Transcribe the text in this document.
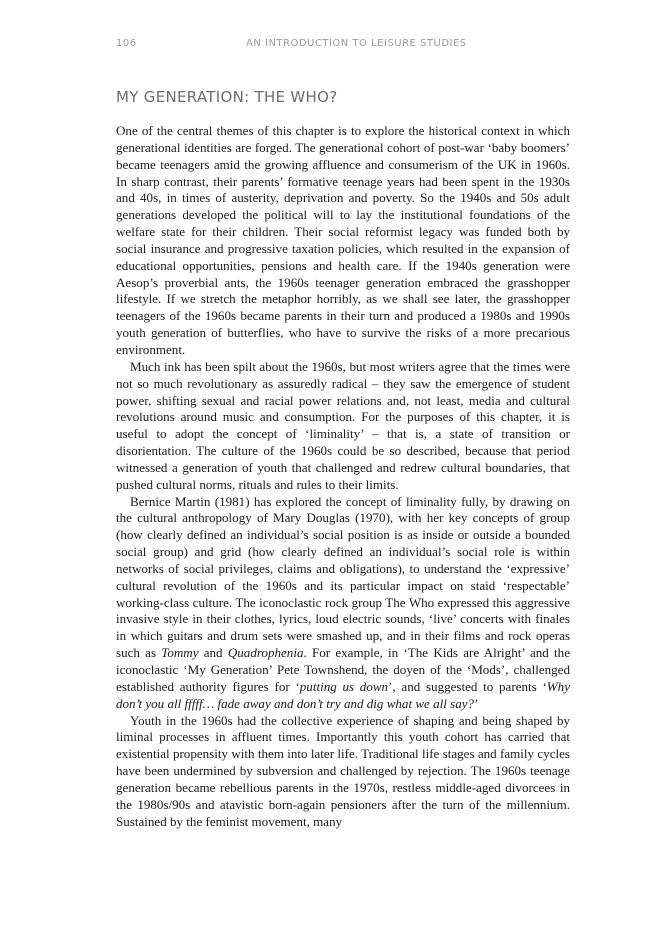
106	AN INTRODUCTION TO LEISURE STUDIES
MY GENERATION: THE WHO?

One of the central themes of this chapter is to explore the historical context in which generational identities are forged. The generational cohort of post-war ‘baby boomers’ became teenagers amid the growing affluence and consumerism of the UK in 1960s. In sharp contrast, their parents’ formative teenage years had been spent in the 1930s and 40s, in times of austerity, deprivation and poverty. So the 1940s and 50s adult generations developed the political will to lay the institutional foundations of the welfare state for their children. Their social reformist legacy was funded both by social insurance and progressive taxation policies, which resulted in the expansion of educational opportunities, pensions and health care. If the 1940s generation were Aesop’s proverbial ants, the 1960s teenager generation embraced the grasshopper lifestyle. If we stretch the metaphor horribly, as we shall see later, the grasshopper teenagers of the 1960s became parents in their turn and produced a 1980s and 1990s youth generation of butterflies, who have to survive the risks of a more precarious environment.

Much ink has been spilt about the 1960s, but most writers agree that the times were not so much revolutionary as assuredly radical – they saw the emergence of student power, shifting sexual and racial power relations and, not least, media and cultural revolutions around music and consumption. For the purposes of this chapter, it is useful to adopt the concept of ‘liminality’ – that is, a state of transition or disorientation. The culture of the 1960s could be so described, because that period witnessed a generation of youth that challenged and redrew cultural boundaries, that pushed cultural norms, rituals and rules to their limits.

Bernice Martin (1981) has explored the concept of liminality fully, by drawing on the cultural anthropology of Mary Douglas (1970), with her key concepts of group (how clearly defined an individual’s social position is as inside or outside a bounded social group) and grid (how clearly defined an individual’s social role is within networks of social privileges, claims and obligations), to understand the ‘expressive’ cultural revolution of the 1960s and its particular impact on staid ‘respectable’ working-class culture. The iconoclastic rock group The Who expressed this aggressive invasive style in their clothes, lyrics, loud electric sounds, ‘live’ concerts with finales in which guitars and drum sets were smashed up, and in their films and rock operas such as Tommy and Quadrophenia. For example, in ‘The Kids are Alright’ and the iconoclastic ‘My Generation’ Pete Townshend, the doyen of the ‘Mods’, challenged established authority figures for ‘putting us down’, and suggested to parents ‘Why don’t you all fffff… fade away and don’t try and dig what we all say?’

Youth in the 1960s had the collective experience of shaping and being shaped by liminal processes in affluent times. Importantly this youth cohort has carried that existential propensity with them into later life. Traditional life stages and family cycles have been undermined by subversion and challenged by rejection. The 1960s teenage generation became rebellious parents in the 1970s, restless middle-aged divorcees in the 1980s/90s and atavistic born-again pensioners after the turn of the millennium. Sustained by the feminist movement, many
